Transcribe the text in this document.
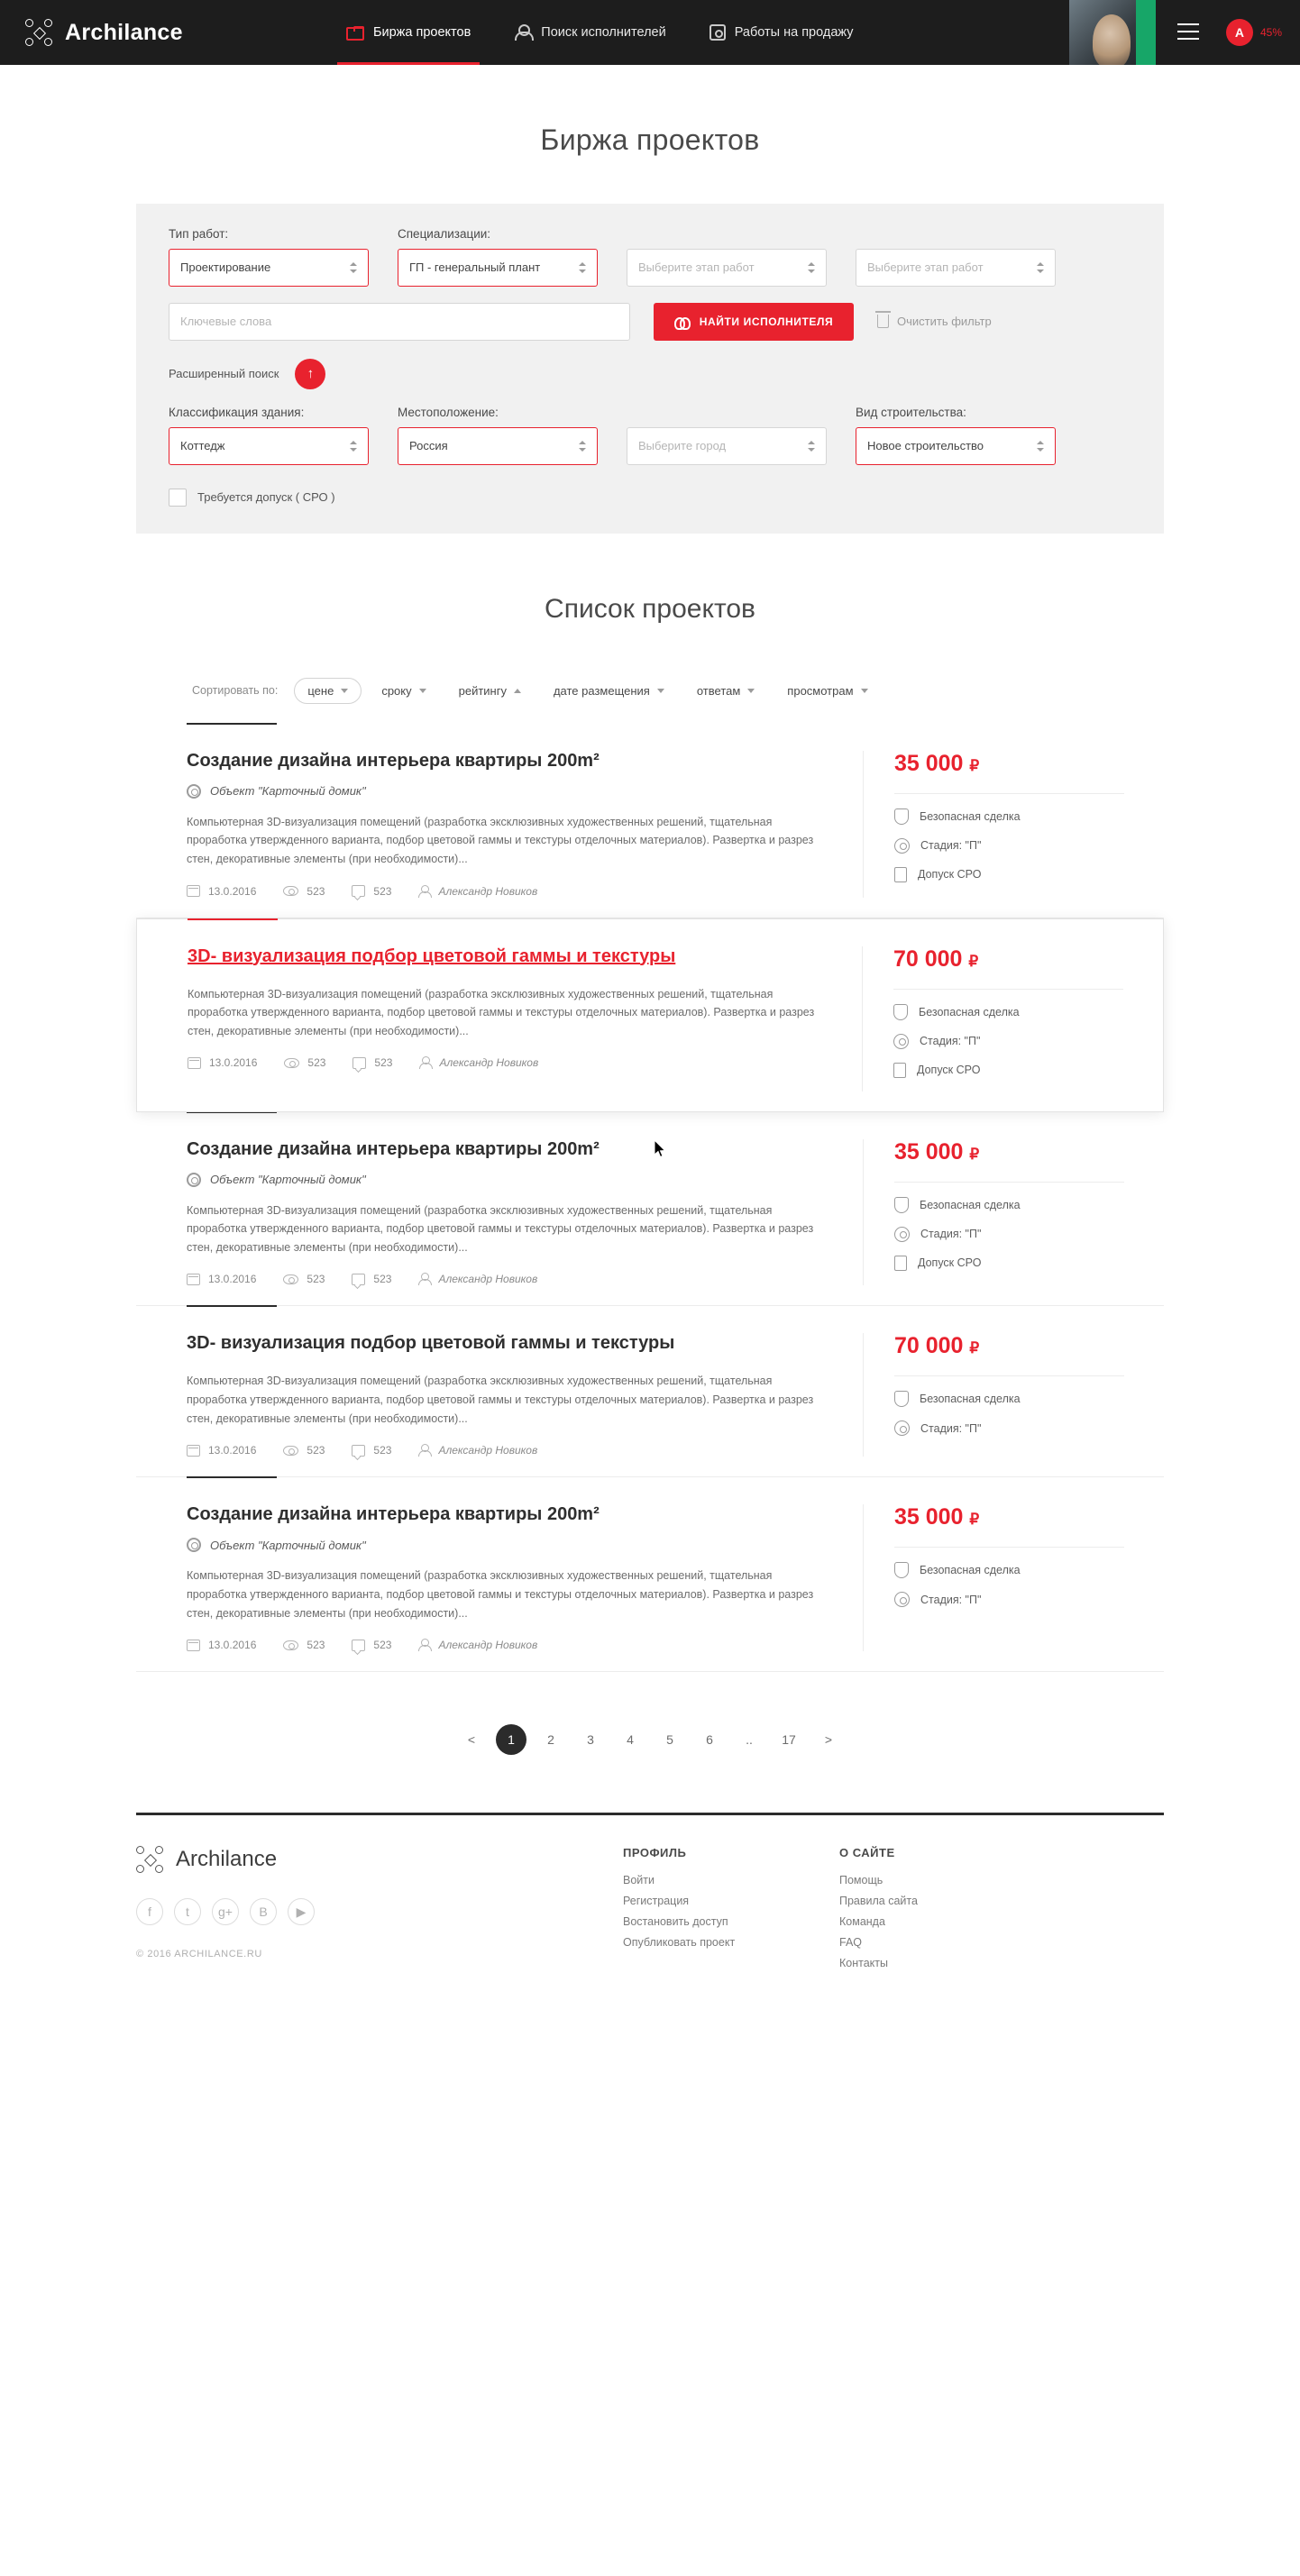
Archilance	Биржа проектов	Поиск исполнителей	Работы на продажу	A	45%
Биржа проектов
Тип работ:
Проектирование
Специализации:
ГП - генеральный плант	Выберите этап работ	Выберите этап работ
Ключевые слова	НАЙТИ ИСПОЛНИТЕЛЯ	Очистить фильтр
Расширенный поиск ↑
Классификация здания:
Коттедж
Местоположение:
Россия	Выберите город
Вид строительства:
Новое строительство
Требуется допуск ( СРО )
Список проектов
Сортировать по:	цене	сроку	рейтингу	дате размещения	ответам	просмотрам
Создание дизайна интерьера квартиры 200m²
Объект "Карточный домик"
Компьютерная 3D-визуализация помещений (разработка эксклюзивных художественных решений, тщательная проработка утвержденного варианта, подбор цветовой гаммы и текстуры отделочных материалов). Развертка и разрез стен, декоративные элементы (при необходимости)...
13.0.2016	523	523	Александр Новиков
35 000 ₽
Безопасная сделка
Стадия: "П"
Допуск СРО
3D- визуализация подбор цветовой гаммы и текстуры
Компьютерная 3D-визуализация помещений (разработка эксклюзивных художественных решений, тщательная проработка утвержденного варианта, подбор цветовой гаммы и текстуры отделочных материалов). Развертка и разрез стен, декоративные элементы (при необходимости)...
13.0.2016	523	523	Александр Новиков
70 000 ₽
Безопасная сделка
Стадия: "П"
Допуск СРО
Создание дизайна интерьера квартиры 200m²
Объект "Карточный домик"
Компьютерная 3D-визуализация помещений (разработка эксклюзивных художественных решений, тщательная проработка утвержденного варианта, подбор цветовой гаммы и текстуры отделочных материалов). Развертка и разрез стен, декоративные элементы (при необходимости)...
13.0.2016	523	523	Александр Новиков
35 000 ₽
Безопасная сделка
Стадия: "П"
Допуск СРО
3D- визуализация подбор цветовой гаммы и текстуры
Компьютерная 3D-визуализация помещений (разработка эксклюзивных художественных решений, тщательная проработка утвержденного варианта, подбор цветовой гаммы и текстуры отделочных материалов). Развертка и разрез стен, декоративные элементы (при необходимости)...
13.0.2016	523	523	Александр Новиков
70 000 ₽
Безопасная сделка
Стадия: "П"
Создание дизайна интерьера квартиры 200m²
Объект "Карточный домик"
Компьютерная 3D-визуализация помещений (разработка эксклюзивных художественных решений, тщательная проработка утвержденного варианта, подбор цветовой гаммы и текстуры отделочных материалов). Развертка и разрез стен, декоративные элементы (при необходимости)...
13.0.2016	523	523	Александр Новиков
35 000 ₽
Безопасная сделка
Стадия: "П"
<	1	2	3	4	5	6	..	17	>
Archilance
f	t	g+	B	▶
© 2016 ARCHILANCE.RU
ПРОФИЛЬ
Войти
Регистрация
Востановить доступ
Опубликовать проект
О САЙТЕ
Помощь
Правила сайта
Команда
FAQ
Контакты
